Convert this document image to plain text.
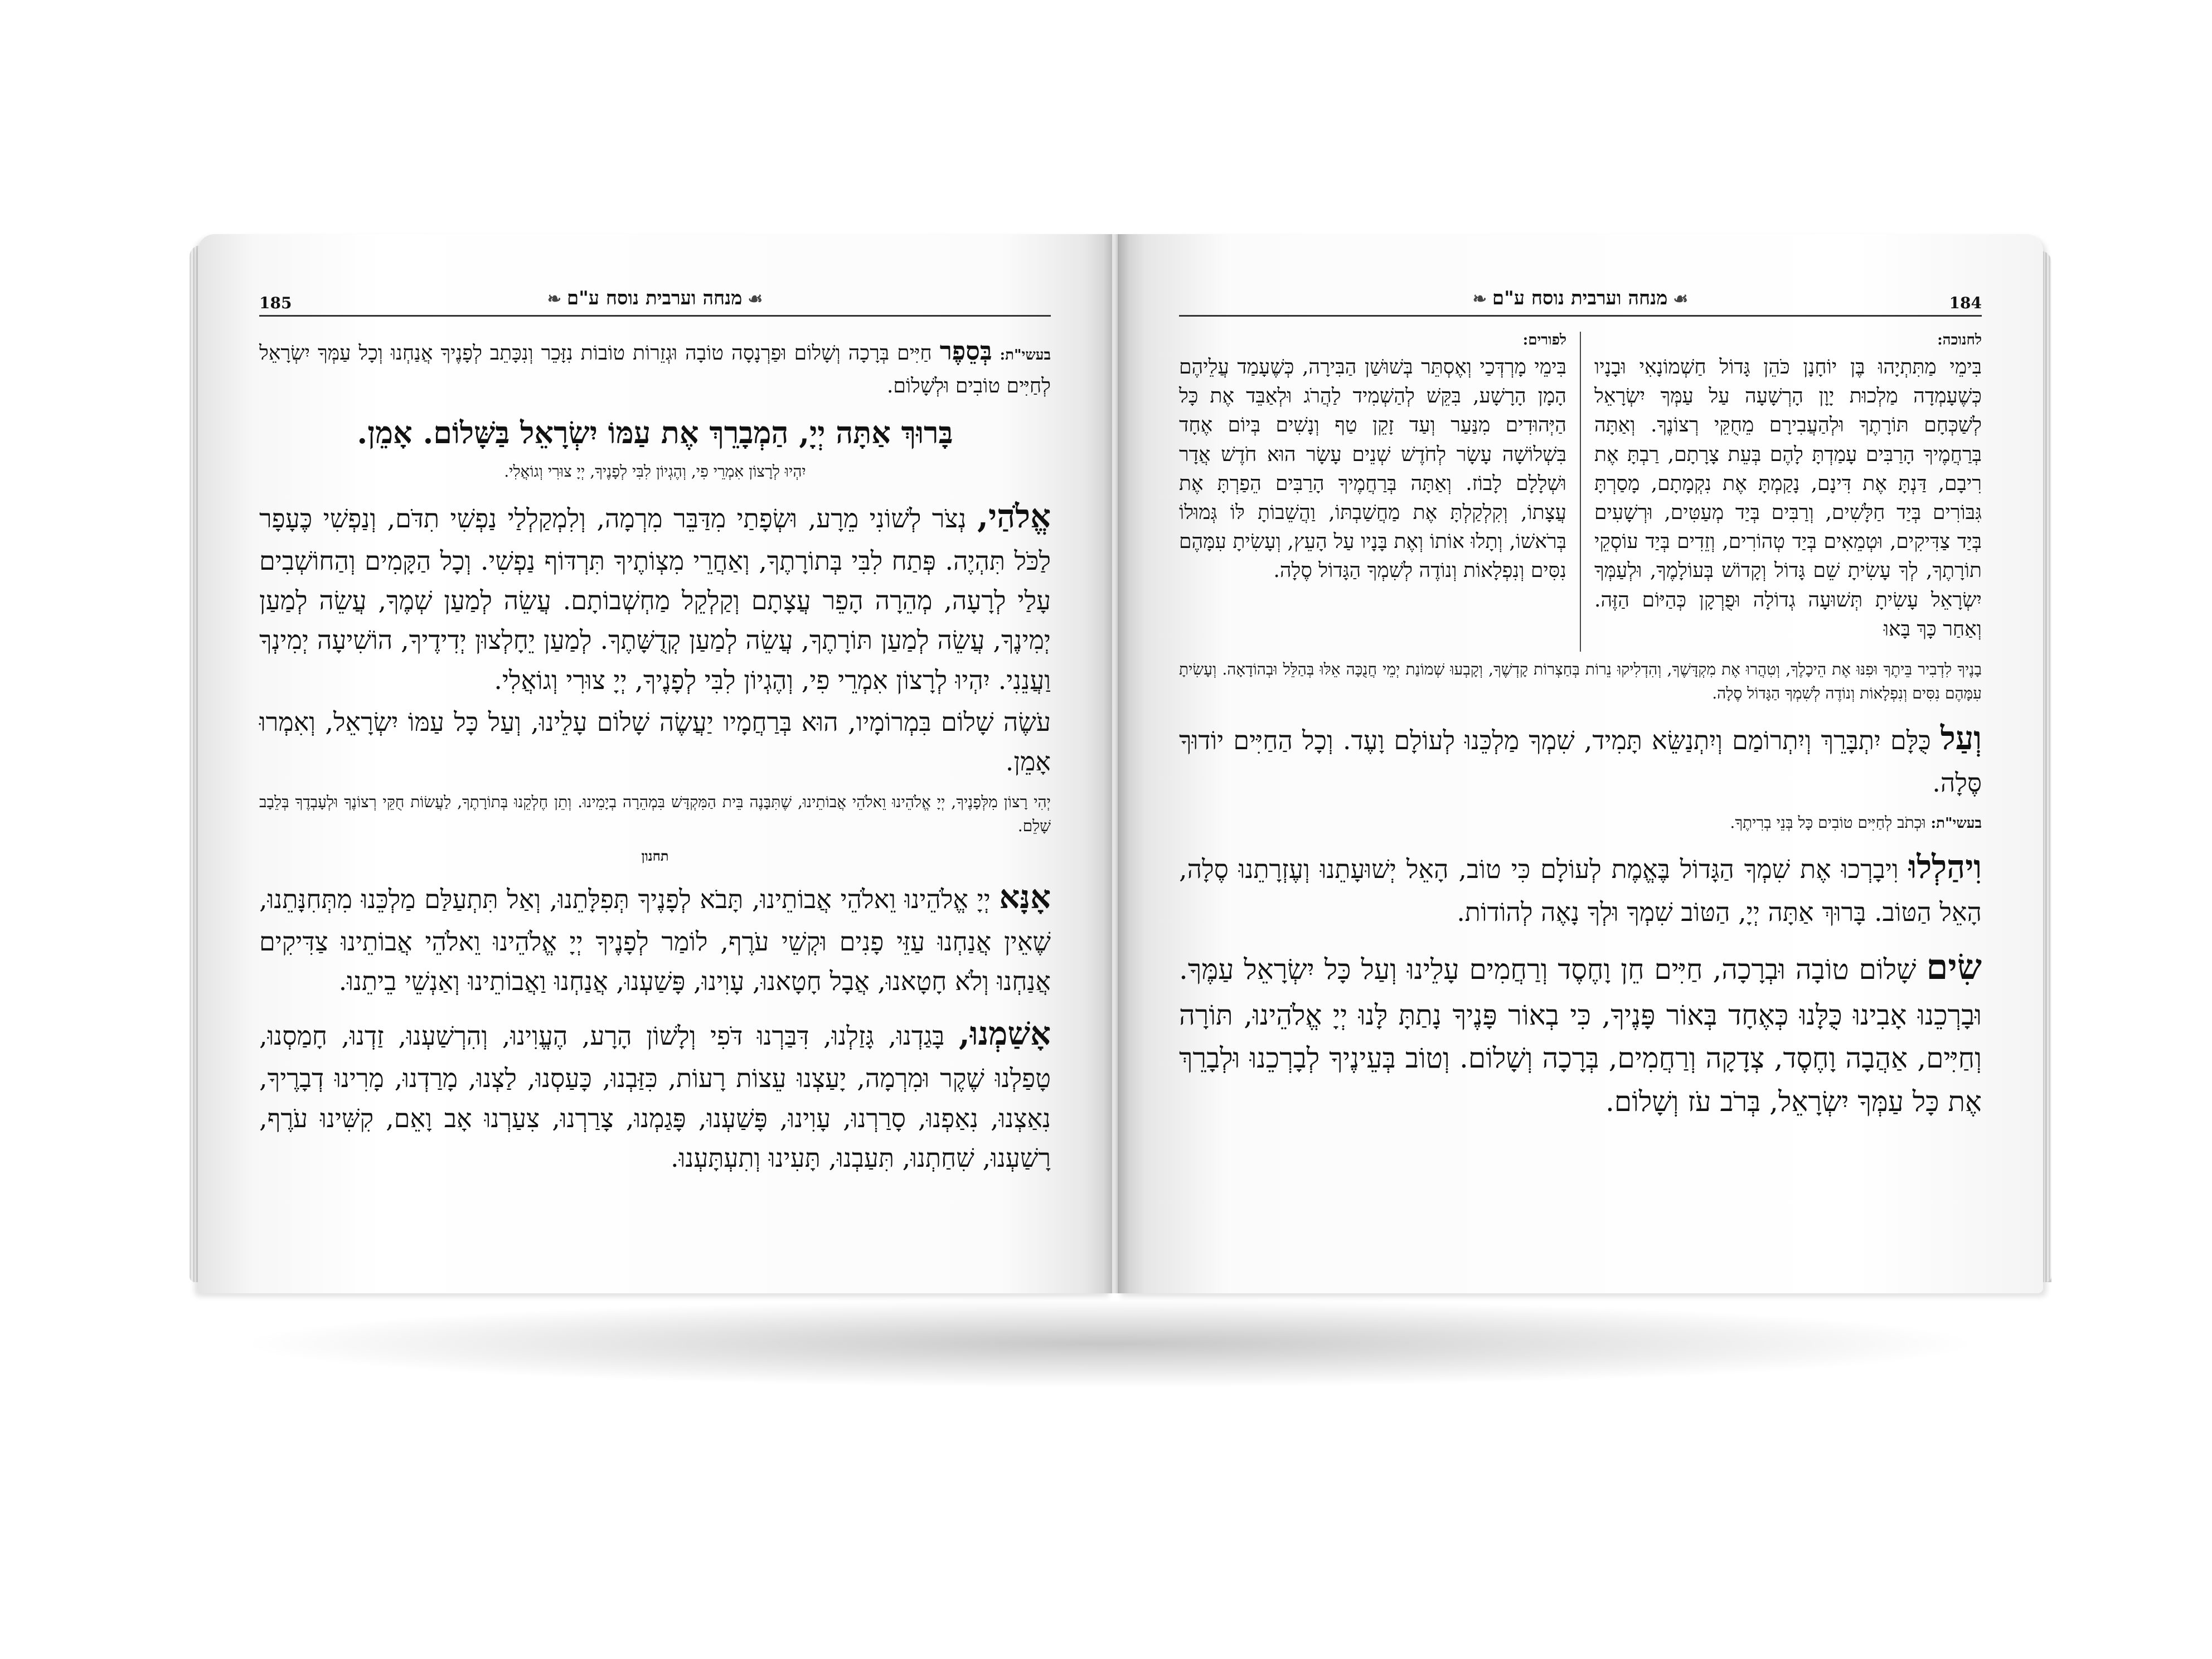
❧ מנחה וערבית נוסח ע"ם ☙
185

בעשי"ת: בְּסֵפֶר חַיִּים בְּרָכָה וְשָׁלוֹם וּפַרְנָסָה טוֹבָה וּגְזֵרוֹת טוֹבוֹת נִזָּכֵר וְנִכָּתֵב לְפָנֶיךָ אֲנַחְנוּ וְכָל עַמְּךָ יִשְׂרָאֵל לְחַיִּים טוֹבִים וּלְשָׁלוֹם.

בָּרוּךְ אַתָּה יְיָ, הַמְבָרֵךְ אֶת עַמּוֹ יִשְׂרָאֵל בַּשָּׁלוֹם. אָמֵן.

יִהְיוּ לְרָצוֹן אִמְרֵי פִי, וְהֶגְיוֹן לִבִּי לְפָנֶיךָ, יְיָ צוּרִי וְגוֹאֲלִי.

אֱלֹהַי, נְצֹר לְשׁוֹנִי מֵרָע, וּשְׂפָתַי מִדַּבֵּר מִרְמָה, וְלִמְקַלְלַי נַפְשִׁי תִדֹּם, וְנַפְשִׁי כֶּעָפָר לַכֹּל תִּהְיֶה. פְּתַח לִבִּי בְּתוֹרָתֶךָ, וְאַחֲרֵי מִצְוֹתֶיךָ תִּרְדּוֹף נַפְשִׁי. וְכָל הַקָּמִים וְהַחוֹשְׁבִים עָלַי לְרָעָה, מְהֵרָה הָפֵר עֲצָתָם וְקַלְקֵל מַחְשְׁבוֹתָם. עֲשֵׂה לְמַעַן שְׁמֶךָ, עֲשֵׂה לְמַעַן יְמִינֶךָ, עֲשֵׂה לְמַעַן תּוֹרָתֶךָ, עֲשֵׂה לְמַעַן קְדֻשָּׁתֶךָ. לְמַעַן יֵחָלְצוּן יְדִידֶיךָ, הוֹשִׁיעָה יְמִינְךָ וַעֲנֵנִי. יִהְיוּ לְרָצוֹן אִמְרֵי פִי, וְהֶגְיוֹן לִבִּי לְפָנֶיךָ, יְיָ צוּרִי וְגוֹאֲלִי.

עֹשֶׂה שָׁלוֹם בִּמְרוֹמָיו, הוּא בְּרַחֲמָיו יַעֲשֶׂה שָׁלוֹם עָלֵינוּ, וְעַל כָּל עַמּוֹ יִשְׂרָאֵל, וְאִמְרוּ אָמֵן.

יְהִי רָצוֹן מִלְּפָנֶיךָ, יְיָ אֱלֹהֵינוּ וֵאלֹהֵי אֲבוֹתֵינוּ, שֶׁתִּבָּנֶה בֵּית הַמִּקְדָּשׁ בִּמְהֵרָה בְיָמֵינוּ. וְתֵן חֶלְקֵנוּ בְּתוֹרָתֶךָ, לַעֲשׂוֹת חֻקֵּי רְצוֹנֶךָ וּלְעָבְדֶךָ בְּלֵבָב שָׁלֵם.

תחנון

אָנָּא יְיָ אֱלֹהֵינוּ וֵאלֹהֵי אֲבוֹתֵינוּ, תָּבֹא לְפָנֶיךָ תְּפִלָּתֵנוּ, וְאַל תִּתְעַלַּם מַלְכֵּנוּ מִתְּחִנָּתֵנוּ, שֶׁאֵין אֲנַחְנוּ עַזֵּי פָנִים וּקְשֵׁי עֹרֶף, לוֹמַר לְפָנֶיךָ יְיָ אֱלֹהֵינוּ וֵאלֹהֵי אֲבוֹתֵינוּ צַדִּיקִים אֲנַחְנוּ וְלֹא חָטָאנוּ, אֲבָל חָטָאנוּ, עָוִינוּ, פָּשַׁעְנוּ, אֲנַחְנוּ וַאֲבוֹתֵינוּ וְאַנְשֵׁי בֵיתֵנוּ.

אָשַׁמְנוּ, בָּגַדְנוּ, גָּזַלְנוּ, דִּבַּרְנוּ דֹּפִי וְלָשׁוֹן הָרָע, הֶעֱוִינוּ, וְהִרְשַׁעְנוּ, זַדְנוּ, חָמַסְנוּ, טָפַלְנוּ שֶׁקֶר וּמִרְמָה, יָעַצְנוּ עֵצוֹת רָעוֹת, כִּזַּבְנוּ, כָּעַסְנוּ, לַצְנוּ, מָרַדְנוּ, מָרִינוּ דְבָרֶיךָ, נִאַצְנוּ, נִאַפְנוּ, סָרַרְנוּ, עָוִינוּ, פָּשַׁעְנוּ, פָּגַמְנוּ, צָרַרְנוּ, צִעַרְנוּ אָב וָאֵם, קִשִּׁינוּ עֹרֶף, רָשַׁעְנוּ, שִׁחַתְנוּ, תִּעַבְנוּ, תָּעִינוּ וְתִעְתָּעְנוּ.

❧ מנחה וערבית נוסח ע"ם ☙	184
לחנוכה:

בִּימֵי מַתִּתְיָהוּ בֶּן יוֹחָנָן כֹּהֵן גָּדוֹל חַשְׁמוֹנָאִי וּבָנָיו כְּשֶׁעָמְדָה מַלְכוּת יָוָן הָרְשָׁעָה עַל עַמְּךָ יִשְׂרָאֵל לְשַׁכְּחָם תּוֹרָתֶךָ וּלְהַעֲבִירָם מֵחֻקֵּי רְצוֹנֶךָ. וְאַתָּה בְּרַחֲמֶיךָ הָרַבִּים עָמַדְתָּ לָהֶם בְּעֵת צָרָתָם, רַבְתָּ אֶת רִיבָם, דַּנְתָּ אֶת דִּינָם, נָקַמְתָּ אֶת נִקְמָתָם, מָסַרְתָּ גִּבּוֹרִים בְּיַד חַלָּשִׁים, וְרַבִּים בְּיַד מְעַטִּים, וּרְשָׁעִים בְּיַד צַדִּיקִים, וּטְמֵאִים בְּיַד טְהוֹרִים, וְזֵדִים בְּיַד עוֹסְקֵי תוֹרָתֶךָ, לְךָ עָשִׂיתָ שֵׁם גָּדוֹל וְקָדוֹשׁ בְּעוֹלָמֶךָ, וּלְעַמְּךָ יִשְׂרָאֵל עָשִׂיתָ תְּשׁוּעָה גְדוֹלָה וּפֻרְקָן כְּהַיּוֹם הַזֶּה. וְאַחַר כָּךְ בָּאוּ

לפורים:

בִּימֵי מָרְדְּכַי וְאֶסְתֵּר בְּשׁוּשַׁן הַבִּירָה, כְּשֶׁעָמַד עֲלֵיהֶם הָמָן הָרָשָׁע, בִּקֵּשׁ לְהַשְׁמִיד לַהֲרֹג וּלְאַבֵּד אֶת כָּל הַיְּהוּדִים מִנַּעַר וְעַד זָקֵן טַף וְנָשִׁים בְּיוֹם אֶחָד בִּשְׁלוֹשָׁה עָשָׂר לְחֹדֶשׁ שְׁנֵים עָשָׂר הוּא חֹדֶשׁ אֲדָר וּשְׁלָלָם לָבוֹז. וְאַתָּה בְּרַחֲמֶיךָ הָרַבִּים הֵפַרְתָּ אֶת עֲצָתוֹ, וְקִלְקַלְתָּ אֶת מַחֲשַׁבְתּוֹ, וַהֲשֵׁבוֹתָ לּוֹ גְּמוּלוֹ בְּרֹאשׁוֹ, וְתָלוּ אוֹתוֹ וְאֶת בָּנָיו עַל הָעֵץ, וְעָשִׂיתָ עִמָּהֶם נִסִּים וְנִפְלָאוֹת וְנוֹדֶה לְשִׁמְךָ הַגָּדוֹל סֶלָה.

בָנֶיךָ לִדְבִיר בֵּיתֶךָ וּפִנּוּ אֶת הֵיכָלֶךָ, וְטִהֲרוּ אֶת מִקְדָּשֶׁךָ, וְהִדְלִיקוּ נֵרוֹת בְּחַצְרוֹת קָדְשֶׁךָ, וְקָבְעוּ שְׁמוֹנַת יְמֵי חֲנֻכָּה אֵלּוּ בְּהַלֵּל וּבְהוֹדָאָה. וְעָשִׂיתָ עִמָּהֶם נִסִּים וְנִפְלָאוֹת וְנוֹדֶה לְשִׁמְךָ הַגָּדוֹל סֶלָה.

וְעַל כֻּלָּם יִתְבָּרֵךְ וְיִתְרוֹמַם וְיִתְנַשֵּׂא תָּמִיד, שִׁמְךָ מַלְכֵּנוּ לְעוֹלָם וָעֶד. וְכָל הַחַיִּים יוֹדוּךָ סֶּלָה.

בעשי"ת: וּכְתֹב לְחַיִּים טוֹבִים כָּל בְּנֵי בְרִיתֶךָ.

וִיהַלְלוּ וִיבָרְכוּ אֶת שִׁמְךָ הַגָּדוֹל בֶּאֱמֶת לְעוֹלָם כִּי טוֹב, הָאֵל יְשׁוּעָתֵנוּ וְעֶזְרָתֵנוּ סֶלָה, הָאֵל הַטּוֹב. בָּרוּךְ אַתָּה יְיָ, הַטּוֹב שִׁמְךָ וּלְךָ נָאֶה לְהוֹדוֹת.

שִׂים שָׁלוֹם טוֹבָה וּבְרָכָה, חַיִּים חֵן וָחֶסֶד וְרַחֲמִים עָלֵינוּ וְעַל כָּל יִשְׂרָאֵל עַמֶּךָ. וּבָרְכֵנוּ אָבִינוּ כֻּלָּנוּ כְּאֶחָד בְּאוֹר פָּנֶיךָ, כִּי בְאוֹר פָּנֶיךָ נָתַתָּ לָּנוּ יְיָ אֱלֹהֵינוּ, תּוֹרָה וְחַיִּים, אַהֲבָה וָחֶסֶד, צְדָקָה וְרַחֲמִים, בְּרָכָה וְשָׁלוֹם. וְטוֹב בְּעֵינֶיךָ לְבָרְכֵנוּ וּלְבָרֵךְ אֶת כָּל עַמְּךָ יִשְׂרָאֵל, בְּרֹב עֹז וְשָׁלוֹם.
